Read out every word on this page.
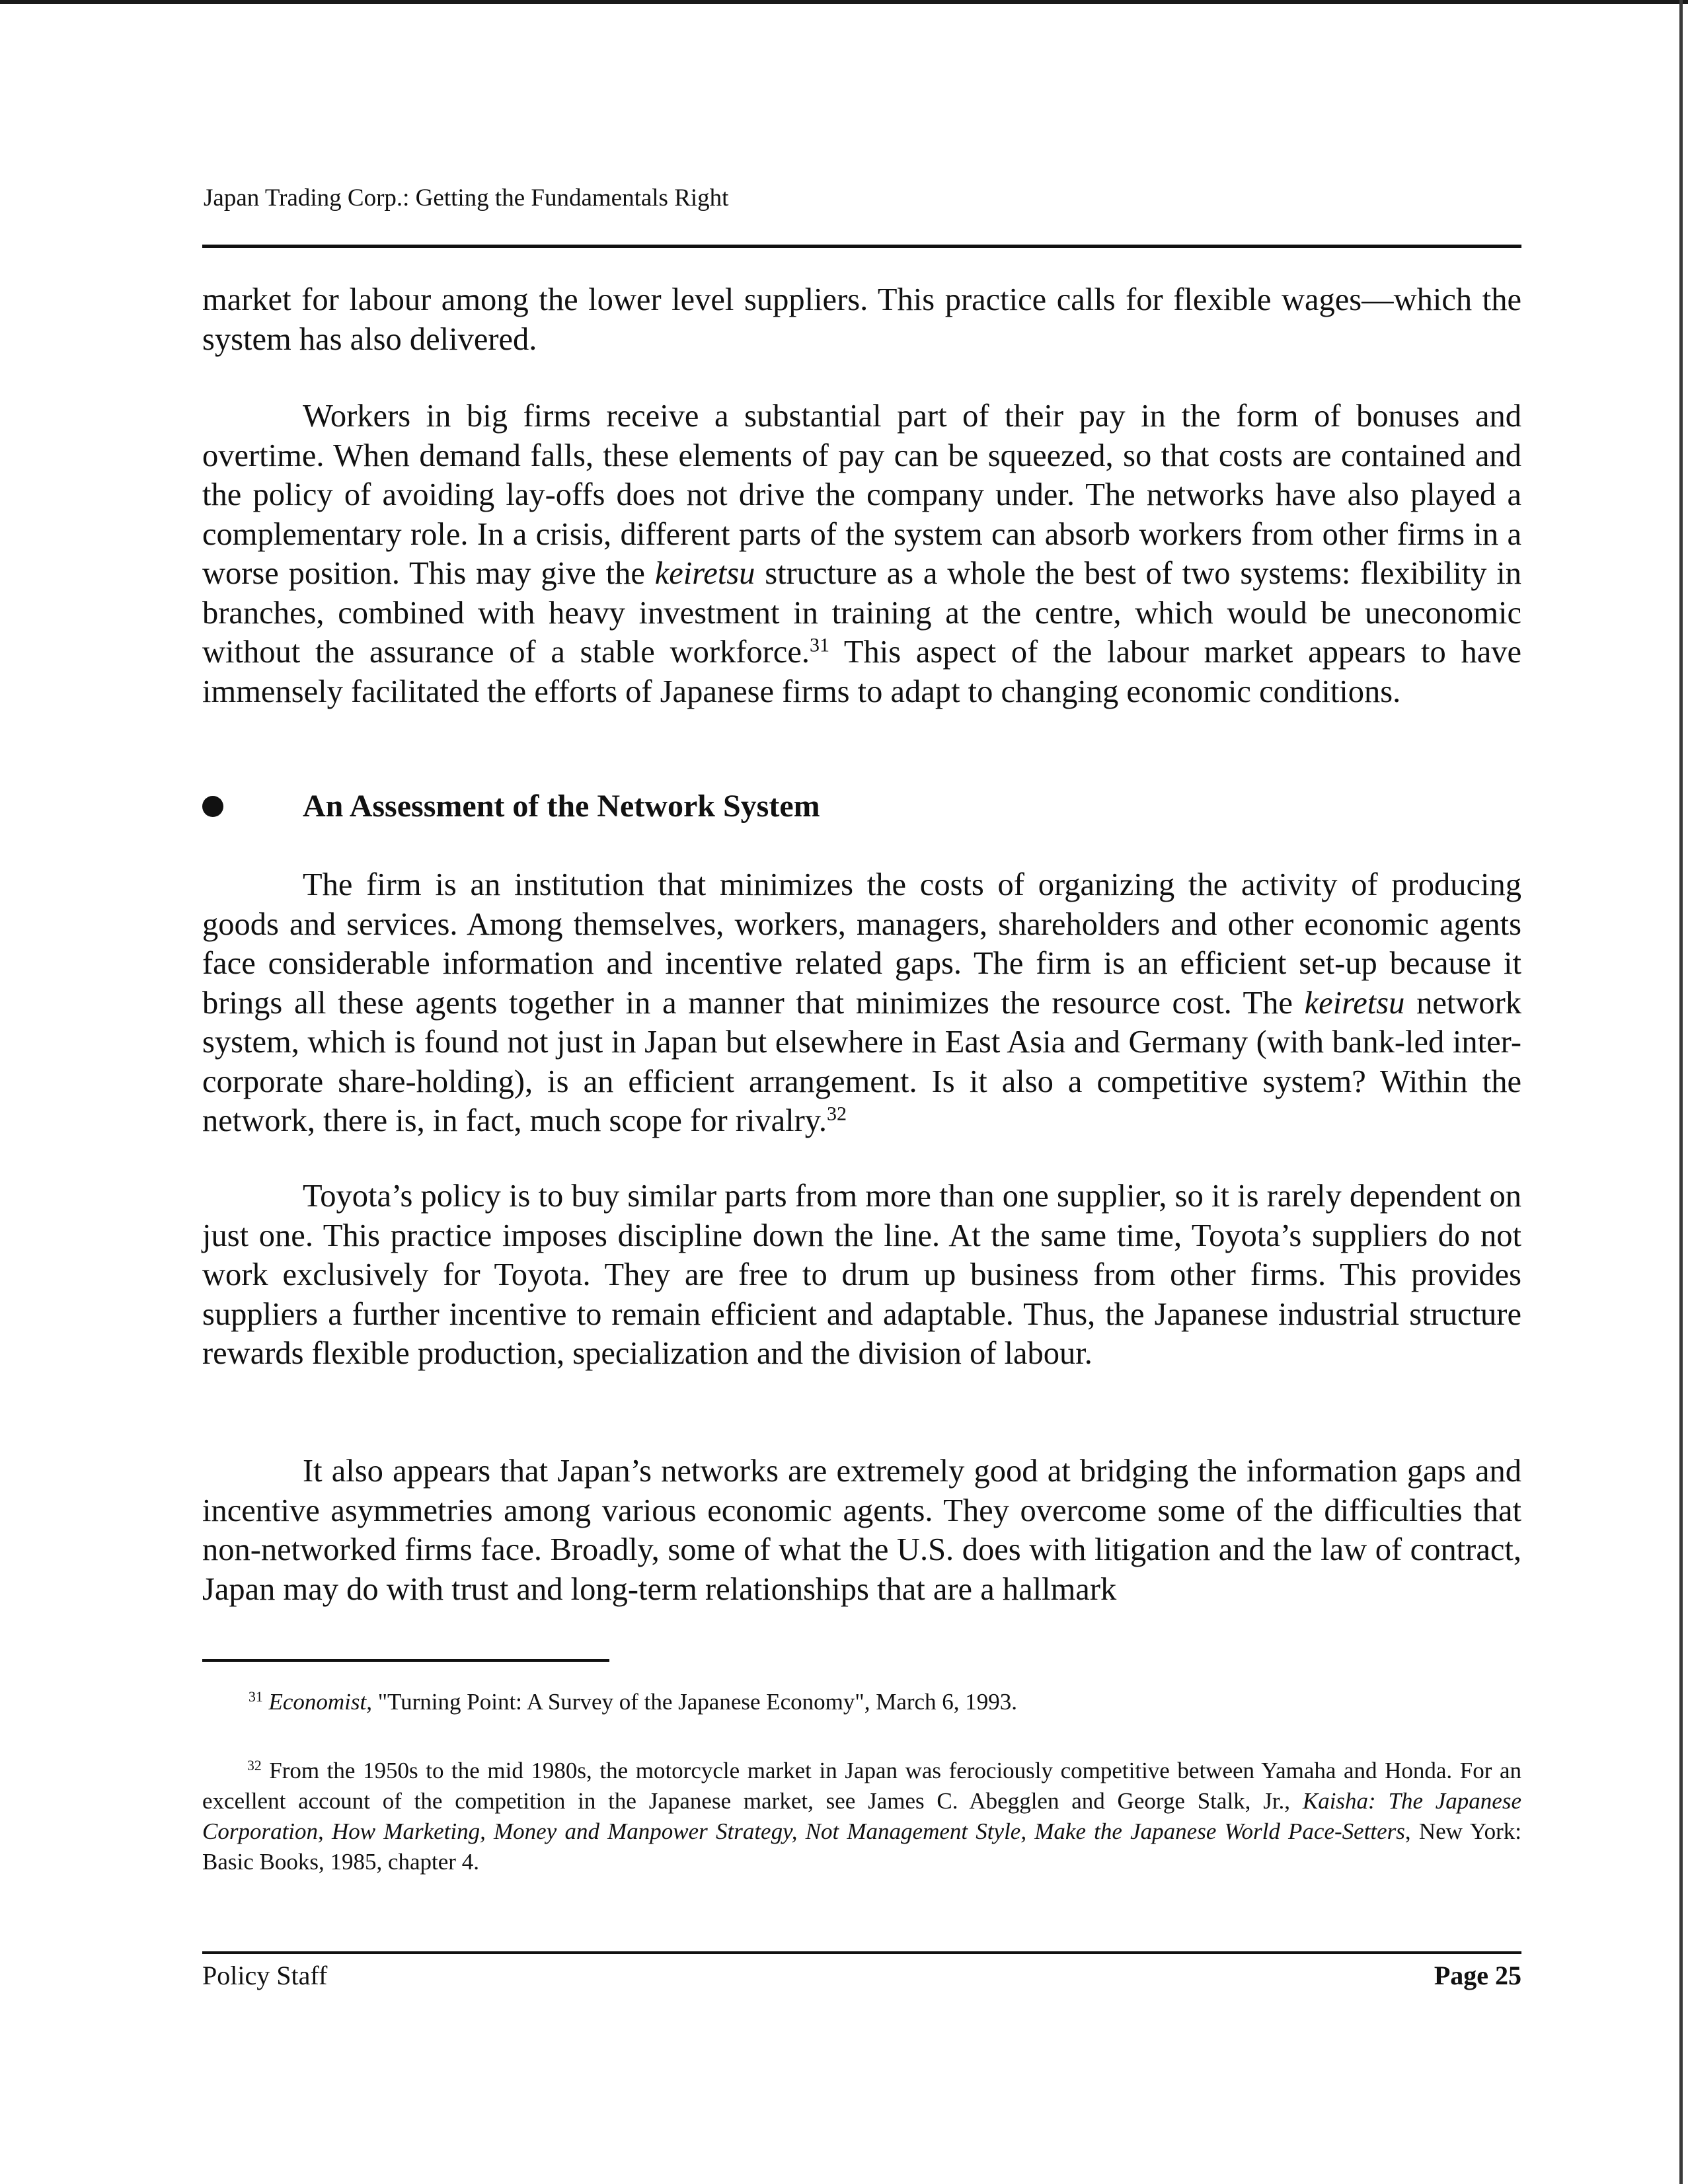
Japan Trading Corp.: Getting the Fundamentals Right

market for labour among the lower level suppliers. This practice calls for flexible wages—which the system has also delivered.

Workers in big firms receive a substantial part of their pay in the form of bonuses and overtime. When demand falls, these elements of pay can be squeezed, so that costs are contained and the policy of avoiding lay-offs does not drive the company under. The networks have also played a complementary role. In a crisis, different parts of the system can absorb workers from other firms in a worse position. This may give the keiretsu structure as a whole the best of two systems: flexibility in branches, combined with heavy investment in training at the centre, which would be uneconomic without the assurance of a stable workforce.$^{31}$ This aspect of the labour market appears to have immensely facilitated the efforts of Japanese firms to adapt to changing economic conditions.

An Assessment of the Network System

The firm is an institution that minimizes the costs of organizing the activity of producing goods and services. Among themselves, workers, managers, shareholders and other economic agents face considerable information and incentive related gaps. The firm is an efficient set-up because it brings all these agents together in a manner that minimizes the resource cost. The keiretsu network system, which is found not just in Japan but elsewhere in East Asia and Germany (with bank-led inter-corporate share-holding), is an efficient arrangement. Is it also a competitive system? Within the network, there is, in fact, much scope for rivalry.$^{32}$

Toyota’s policy is to buy similar parts from more than one supplier, so it is rarely dependent on just one. This practice imposes discipline down the line. At the same time, Toyota’s suppliers do not work exclusively for Toyota. They are free to drum up business from other firms. This provides suppliers a further incentive to remain efficient and adaptable. Thus, the Japanese industrial structure rewards flexible production, specialization and the division of labour.

It also appears that Japan’s networks are extremely good at bridging the information gaps and incentive asymmetries among various economic agents. They overcome some of the difficulties that non-networked firms face. Broadly, some of what the U.S. does with litigation and the law of contract, Japan may do with trust and long-term relationships that are a hallmark

$^{31}$ Economist, "Turning Point: A Survey of the Japanese Economy", March 6, 1993.
$^{32}$ From the 1950s to the mid 1980s, the motorcycle market in Japan was ferociously competitive between Yamaha and Honda. For an excellent account of the competition in the Japanese market, see James C. Abegglen and George Stalk, Jr., Kaisha: The Japanese Corporation, How Marketing, Money and Manpower Strategy, Not Management Style, Make the Japanese World Pace-Setters, New York: Basic Books, 1985, chapter 4.
Policy Staff	Page 25
